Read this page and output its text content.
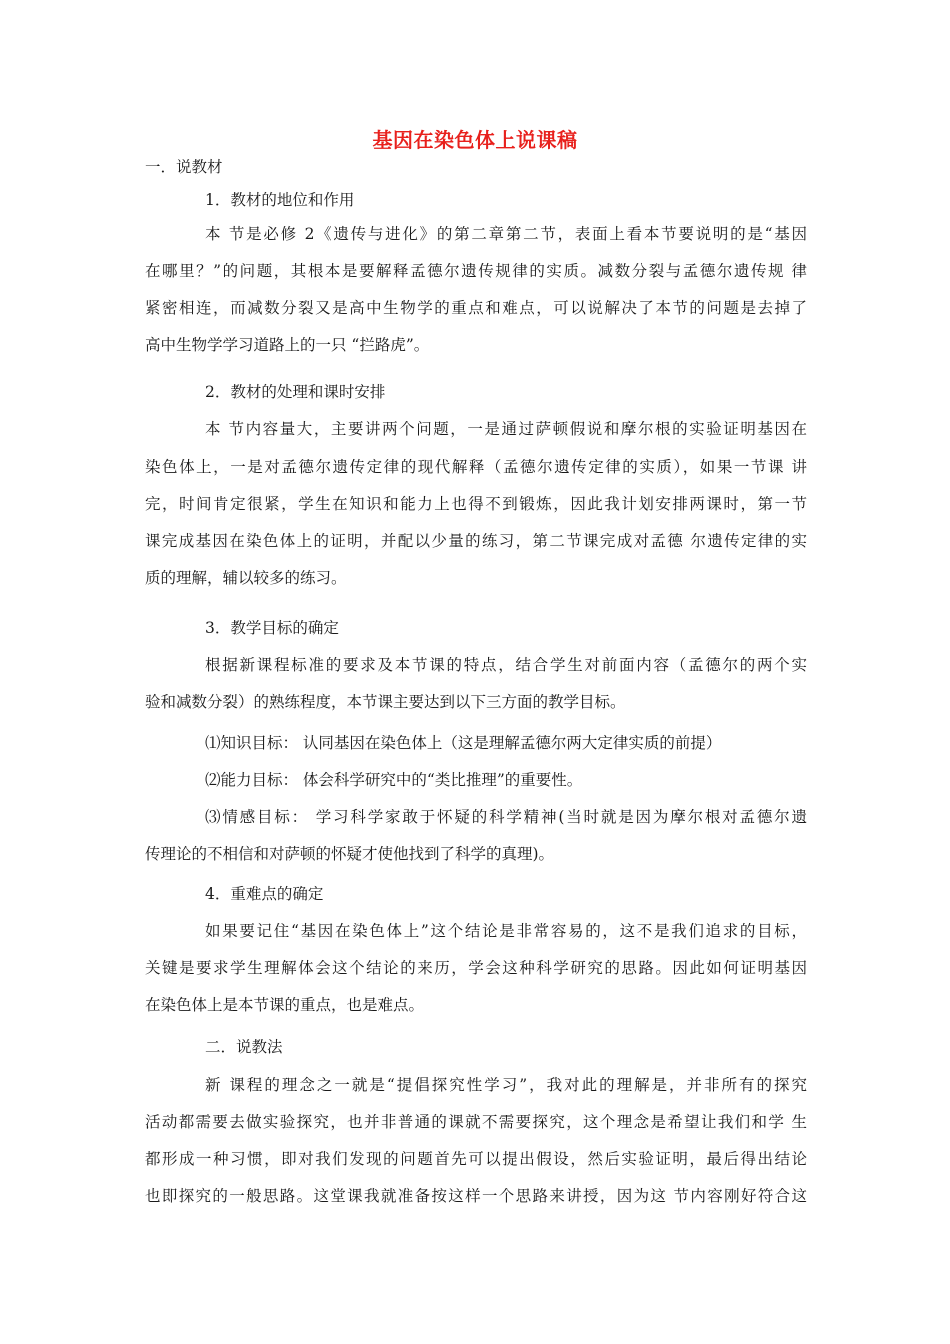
基因在染色体上说课稿

一．说教材

1．教材的地位和作用

本 节是必修 2《遗传与进化》的第二章第二节，表面上看本节要说明的是“基因

在哪里？”的问题，其根本是要解释孟德尔遗传规律的实质。减数分裂与孟德尔遗传规 律

紧密相连，而减数分裂又是高中生物学的重点和难点，可以说解决了本节的问题是去掉了

高中生物学学习道路上的一只 “拦路虎”。

2．教材的处理和课时安排

本 节内容量大，主要讲两个问题，一是通过萨顿假说和摩尔根的实验证明基因在

染色体上，一是对孟德尔遗传定律的现代解释（孟德尔遗传定律的实质），如果一节课 讲

完，时间肯定很紧，学生在知识和能力上也得不到锻炼，因此我计划安排两课时，第一节

课完成基因在染色体上的证明，并配以少量的练习，第二节课完成对孟德 尔遗传定律的实

质的理解，辅以较多的练习。

3．教学目标的确定

根据新课程标准的要求及本节课的特点，结合学生对前面内容（孟德尔的两个实

验和减数分裂）的熟练程度，本节课主要达到以下三方面的教学目标。

⑴知识目标： 认同基因在染色体上（这是理解孟德尔两大定律实质的前提）

⑵能力目标： 体会科学研究中的“类比推理”的重要性。

⑶情感目标： 学习科学家敢于怀疑的科学精神(当时就是因为摩尔根对孟德尔遗

传理论的不相信和对萨顿的怀疑才使他找到了科学的真理)。

4．重难点的确定

如果要记住“基因在染色体上”这个结论是非常容易的，这不是我们追求的目标，

关键是要求学生理解体会这个结论的来历，学会这种科学研究的思路。因此如何证明基因

在染色体上是本节课的重点，也是难点。

二．说教法

新 课程的理念之一就是“提倡探究性学习”，我对此的理解是，并非所有的探究

活动都需要去做实验探究，也并非普通的课就不需要探究，这个理念是希望让我们和学 生

都形成一种习惯，即对我们发现的问题首先可以提出假设，然后实验证明，最后得出结论

也即探究的一般思路。这堂课我就准备按这样一个思路来讲授，因为这 节内容刚好符合这
